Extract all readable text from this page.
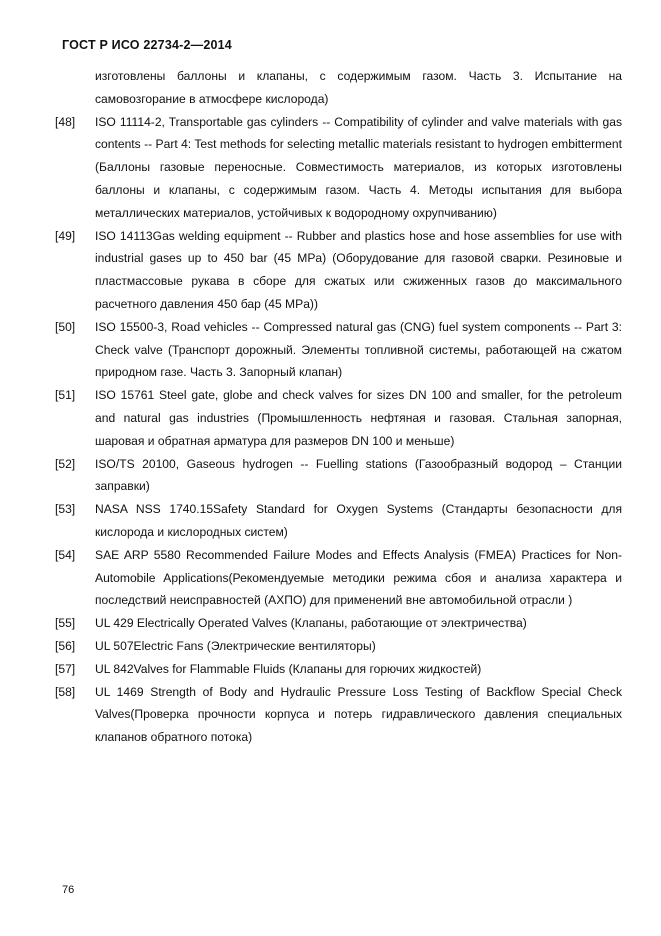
ГОСТ Р ИСО 22734-2—2014
изготовлены баллоны и клапаны, с содержимым газом. Часть 3. Испытание на самовозгорание в атмосфере кислорода)
[48]	ISO 11114-2, Transportable gas cylinders -- Compatibility of cylinder and valve materials with gas contents -- Part 4: Test methods for selecting metallic materials resistant to hydrogen embitterment (Баллоны газовые переносные. Совместимость материалов, из которых изготовлены баллоны и клапаны, с содержимым газом. Часть 4. Методы испытания для выбора металлических материалов, устойчивых к водородному охрупчиванию)
[49]	ISO 14113Gas welding equipment -- Rubber and plastics hose and hose assemblies for use with industrial gases up to 450 bar (45 MPa) (Оборудование для газовой сварки. Резиновые и пластмассовые рукава в сборе для сжатых или сжиженных газов до максимального расчетного давления 450 бар (45 MPa))
[50]	ISO 15500-3, Road vehicles -- Compressed natural gas (CNG) fuel system components -- Part 3: Check valve (Транспорт дорожный. Элементы топливной системы, работающей на сжатом природном газе. Часть 3. Запорный клапан)
[51]	ISO 15761 Steel gate, globe and check valves for sizes DN 100 and smaller, for the petroleum and natural gas industries (Промышленность нефтяная и газовая. Стальная запорная, шаровая и обратная арматура для размеров DN 100 и меньше)
[52]	ISO/TS 20100, Gaseous hydrogen -- Fuelling stations (Газообразный водород – Станции заправки)
[53]	NASA NSS 1740.15Safety Standard for Oxygen Systems (Стандарты безопасности для кислорода и кислородных систем)
[54]	SAE ARP 5580 Recommended Failure Modes and Effects Analysis (FMEA) Practices for Non-Automobile Applications(Рекомендуемые методики режима сбоя и анализа характера и последствий неисправностей (АХПО) для применений вне автомобильной отрасли )
[55]	UL 429 Electrically Operated Valves (Клапаны, работающие от электричества)
[56]	UL 507Electric Fans (Электрические вентиляторы)
[57]	UL 842Valves for Flammable Fluids (Клапаны для горючих жидкостей)
[58]	UL 1469 Strength of Body and Hydraulic Pressure Loss Testing of Backflow Special Check Valves(Проверка прочности корпуса и потерь гидравлического давления специальных клапанов обратного потока)
76
